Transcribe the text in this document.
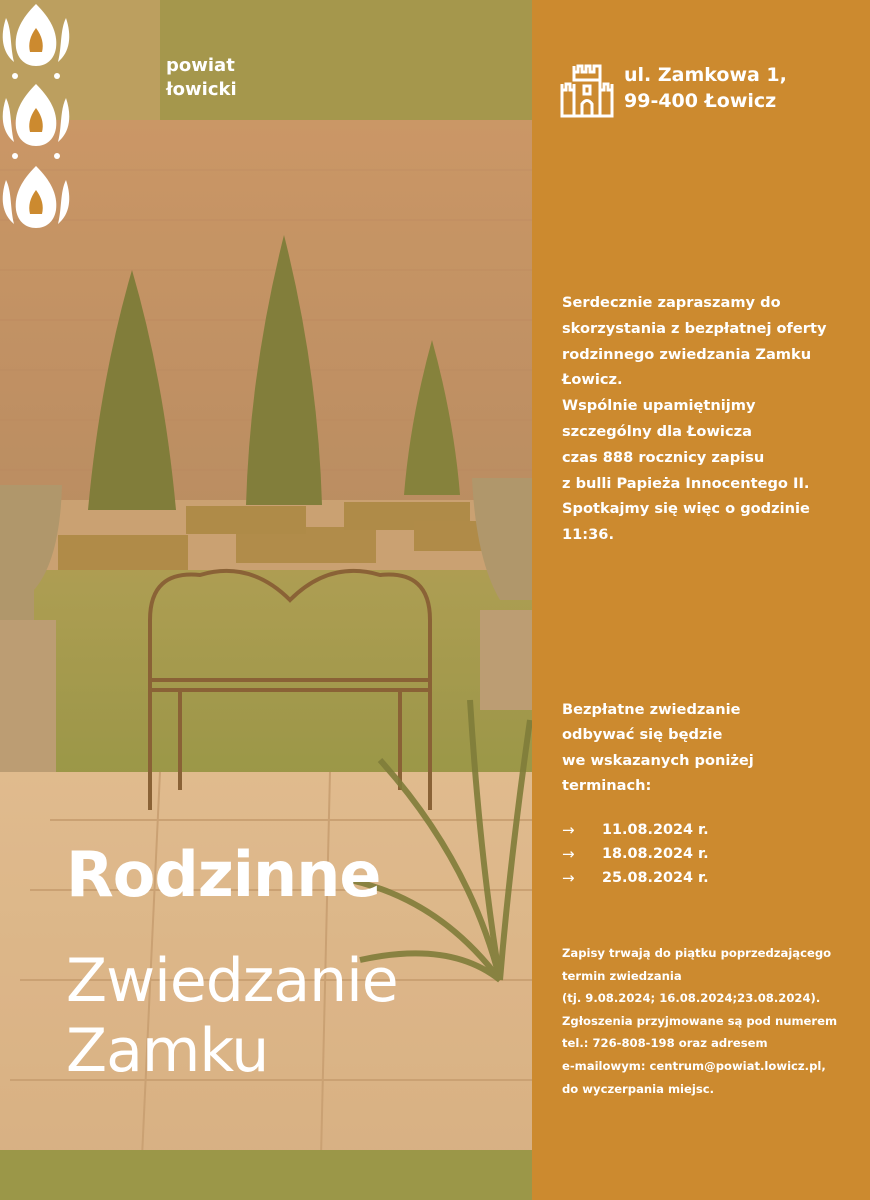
powiat
łowicki
Rodzinne
Zwiedzanie
Zamku
ul. Zamkowa 1,
99-400 Łowicz
Serdecznie zapraszamy do
skorzystania z bezpłatnej oferty
rodzinnego zwiedzania Zamku
Łowicz.
Wspólnie upamiętnijmy
szczególny dla Łowicza
czas 888 rocznicy zapisu
z bulli Papieża Innocentego II.
Spotkajmy się więc o godzinie
11:36.
Bezpłatne zwiedzanie
odbywać się będzie
we wskazanych poniżej
terminach:
→	11.08.2024 r.
→	18.08.2024 r.
→	25.08.2024 r.
Zapisy trwają do piątku poprzedzającego
termin zwiedzania
(tj. 9.08.2024; 16.08.2024;23.08.2024).
Zgłoszenia przyjmowane są pod numerem
tel.: 726-808-198 oraz adresem
e-mailowym: centrum@powiat.lowicz.pl,
do wyczerpania miejsc.
